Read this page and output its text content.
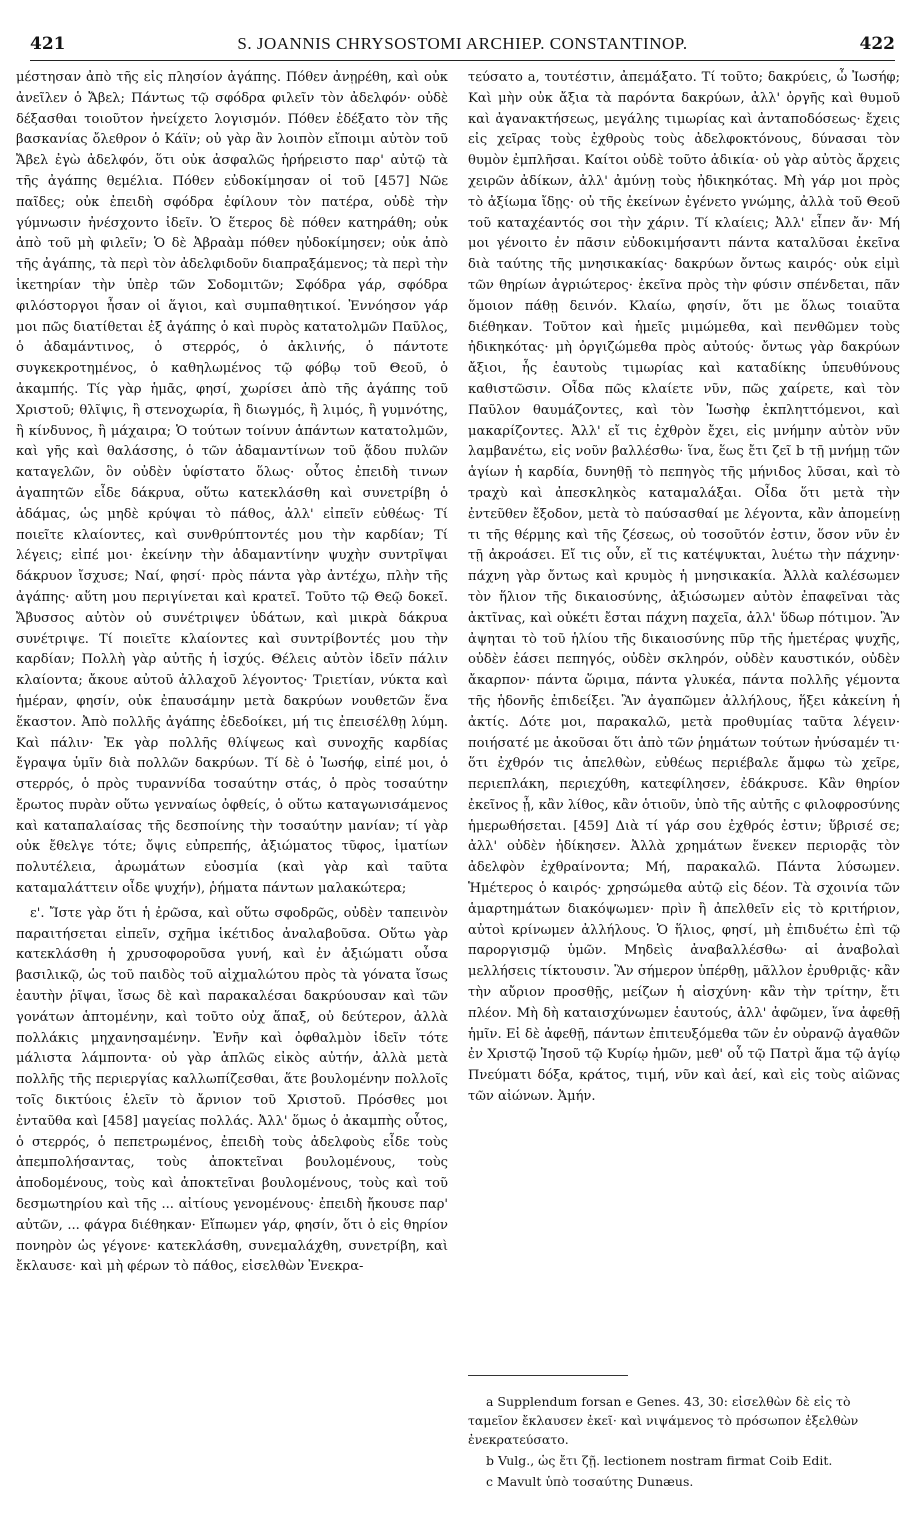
421	S. JOANNIS CHRYSOSTOMI ARCHIEP. CONSTANTINOP.	422

μέστησαν ἀπὸ τῆς εἰς πλησίον ἀγάπης. Πόθεν ἀνῃρέθη, καὶ οὐκ ἀνεῖλεν ὁ Ἄβελ; Πάντως τῷ σφόδρα φιλεῖν τὸν ἀδελφόν· οὐδὲ δέξασθαι τοιοῦτον ἠνείχετο λογισμόν. Πόθεν ἐδέξατο τὸν τῆς βασκανίας ὄλεθρον ὁ Κάϊν; οὐ γὰρ ἂν λοιπὸν εἴποιμι αὐτὸν τοῦ Ἄβελ ἐγὼ ἀδελφόν, ὅτι οὐκ ἀσφαλῶς ἡρήρειστο παρ' αὐτῷ τὰ τῆς ἀγάπης θεμέλια. Πόθεν εὐδοκίμησαν οἱ τοῦ [457] Νῶε παῖδες; οὐκ ἐπειδὴ σφόδρα ἐφίλουν τὸν πατέρα, οὐδὲ τὴν γύμνωσιν ἠνέσχοντο ἰδεῖν. Ὁ ἕτερος δὲ πόθεν κατηράθη; οὐκ ἀπὸ τοῦ μὴ φιλεῖν; Ὁ δὲ Ἀβραὰμ πόθεν ηὐδοκίμησεν; οὐκ ἀπὸ τῆς ἀγάπης, τὰ περὶ τὸν ἀδελφιδοῦν διαπραξάμενος; τὰ περὶ τὴν ἱκετηρίαν τὴν ὑπὲρ τῶν Σοδομιτῶν; Σφόδρα γάρ, σφόδρα φιλόστοργοι ἦσαν οἱ ἅγιοι, καὶ συμπαθητικοί. Ἐννόησον γάρ μοι πῶς διατίθεται ἐξ ἀγάπης ὁ καὶ πυρὸς κατατολμῶν Παῦλος, ὁ ἀδαμάντινος, ὁ στερρός, ὁ ἀκλινής, ὁ πάντοτε συγκεκροτημένος, ὁ καθηλωμένος τῷ φόβῳ τοῦ Θεοῦ, ὁ ἀκαμπής. Τίς γὰρ ἡμᾶς, φησί, χωρίσει ἀπὸ τῆς ἀγάπης τοῦ Χριστοῦ; θλῖψις, ἢ στενοχωρία, ἢ διωγμός, ἢ λιμός, ἢ γυμνότης, ἢ κίνδυνος, ἢ μάχαιρα; Ὁ τούτων τοίνυν ἁπάντων κατατολμῶν, καὶ γῆς καὶ θαλάσσης, ὁ τῶν ἀδαμαντίνων τοῦ ᾅδου πυλῶν καταγελῶν, ὃν οὐδὲν ὑφίστατο ὅλως· οὗτος ἐπειδὴ τινων ἀγαπητῶν εἶδε δάκρυα, οὕτω κατεκλάσθη καὶ συνετρίβη ὁ ἀδάμας, ὡς μηδὲ κρύψαι τὸ πάθος, ἀλλ' εἰπεῖν εὐθέως· Τί ποιεῖτε κλαίοντες, καὶ συνθρύπτοντές μου τὴν καρδίαν; Τί λέγεις; εἰπέ μοι· ἐκείνην τὴν ἀδαμαντίνην ψυχὴν συντρῖψαι δάκρυον ἴσχυσε; Ναί, φησί· πρὸς πάντα γὰρ ἀντέχω, πλὴν τῆς ἀγάπης· αὕτη μου περιγίνεται καὶ κρατεῖ. Τοῦτο τῷ Θεῷ δοκεῖ. Ἄβυσσος αὐτὸν οὐ συνέτριψεν ὑδάτων, καὶ μικρὰ δάκρυα συνέτριψε. Τί ποιεῖτε κλαίοντες καὶ συντρίβοντές μου τὴν καρδίαν; Πολλὴ γὰρ αὐτῆς ἡ ἰσχύς. Θέλεις αὐτὸν ἰδεῖν πάλιν κλαίοντα; ἄκουε αὐτοῦ ἀλλαχοῦ λέγοντος· Τριετίαν, νύκτα καὶ ἡμέραν, φησίν, οὐκ ἐπαυσάμην μετὰ δακρύων νουθετῶν ἕνα ἕκαστον. Ἀπὸ πολλῆς ἀγάπης ἐδεδοίκει, μή τις ἐπεισέλθῃ λύμη. Καὶ πάλιν· Ἐκ γὰρ πολλῆς θλίψεως καὶ συνοχῆς καρδίας ἔγραψα ὑμῖν διὰ πολλῶν δακρύων. Τί δὲ ὁ Ἰωσήφ, εἰπέ μοι, ὁ στερρός, ὁ πρὸς τυραννίδα τοσαύτην στάς, ὁ πρὸς τοσαύτην ἔρωτος πυρὰν οὕτω γενναίως ὀφθείς, ὁ οὕτω καταγωνισάμενος καὶ καταπαλαίσας τῆς δεσποίνης τὴν τοσαύτην μανίαν; τί γὰρ οὐκ ἔθελγε τότε; ὄψις εὐπρεπής, ἀξιώματος τῦφος, ἱματίων πολυτέλεια, ἀρωμάτων εὐοσμία (καὶ γὰρ καὶ ταῦτα καταμαλάττειν οἶδε ψυχήν), ῥήματα πάντων μαλακώτερα;

ε'. Ἴστε γὰρ ὅτι ἡ ἐρῶσα, καὶ οὕτω σφοδρῶς, οὐδὲν ταπεινὸν παραιτήσεται εἰπεῖν, σχῆμα ἱκέτιδος ἀναλαβοῦσα. Οὕτω γὰρ κατεκλάσθη ἡ χρυσοφοροῦσα γυνή, καὶ ἐν ἀξιώματι οὖσα βασιλικῷ, ὡς τοῦ παιδὸς τοῦ αἰχμαλώτου πρὸς τὰ γόνατα ἴσως ἑαυτὴν ῥῖψαι, ἴσως δὲ καὶ παρακαλέσαι δακρύουσαν καὶ τῶν γονάτων ἁπτομένην, καὶ τοῦτο οὐχ ἅπαξ, οὐ δεύτερον, ἀλλὰ πολλάκις μηχανησαμένην. Ἐνῆν καὶ ὀφθαλμὸν ἰδεῖν τότε μάλιστα λάμποντα· οὐ γὰρ ἁπλῶς εἰκὸς αὐτήν, ἀλλὰ μετὰ πολλῆς τῆς περιεργίας καλλωπίζεσθαι, ἅτε βουλομένην πολλοῖς τοῖς δικτύοις ἑλεῖν τὸ ἄρνιον τοῦ Χριστοῦ. Πρόσθες μοι ἐνταῦθα καὶ [458] μαγείας πολλάς. Ἀλλ' ὅμως ὁ ἀκαμπὴς οὗτος, ὁ στερρός, ὁ πεπετρωμένος, ἐπειδὴ τοὺς ἀδελφοὺς εἶδε τοὺς ἀπεμπολήσαντας, τοὺς ἀποκτεῖναι βουλομένους, τοὺς ἀποδομένους, τοὺς καὶ ἀποκτεῖναι βουλομένους, τοὺς καὶ τοῦ δεσμωτηρίου καὶ τῆς ... αἰτίους γενομένους· ἐπειδὴ ἤκουσε παρ' αὐτῶν, ... φάγρα διέθηκαν· Εἴπωμεν γάρ, φησίν, ὅτι ὁ εἰς θηρίον πονηρὸν ὡς γέγονε· κατεκλάσθη, συνεμαλάχθη, συνετρίβη, καὶ ἔκλαυσε· καὶ μὴ φέρων τὸ πάθος, εἰσελθὼν Ἐνεκρα-

τεύσατο a, τουτέστιν, ἀπεμάξατο. Τί τοῦτο; δακρύεις, ὦ Ἰωσήφ; Καὶ μὴν οὐκ ἄξια τὰ παρόντα δακρύων, ἀλλ' ὀργῆς καὶ θυμοῦ καὶ ἀγανακτήσεως, μεγάλης τιμωρίας καὶ ἀνταποδόσεως· ἔχεις εἰς χεῖρας τοὺς ἐχθροὺς τοὺς ἀδελφοκτόνους, δύνασαι τὸν θυμὸν ἐμπλῆσαι. Καίτοι οὐδὲ τοῦτο ἀδικία· οὐ γὰρ αὐτὸς ἄρχεις χειρῶν ἀδίκων, ἀλλ' ἀμύνῃ τοὺς ἠδικηκότας. Μὴ γάρ μοι πρὸς τὸ ἀξίωμα ἴδῃς· οὐ τῆς ἐκείνων ἐγένετο γνώμης, ἀλλὰ τοῦ Θεοῦ τοῦ καταχέαντός σοι τὴν χάριν. Τί κλαίεις; Ἀλλ' εἶπεν ἄν· Μή μοι γένοιτο ἐν πᾶσιν εὐδοκιμήσαντι πάντα καταλῦσαι ἐκεῖνα διὰ ταύτης τῆς μνησικακίας· δακρύων ὄντως καιρός· οὐκ εἰμὶ τῶν θηρίων ἀγριώτερος· ἐκεῖνα πρὸς τὴν φύσιν σπένδεται, πᾶν ὅμοιον πάθῃ δεινόν. Κλαίω, φησίν, ὅτι με ὅλως τοιαῦτα διέθηκαν. Τοῦτον καὶ ἡμεῖς μιμώμεθα, καὶ πενθῶμεν τοὺς ἠδικηκότας· μὴ ὀργιζώμεθα πρὸς αὐτούς· ὄντως γὰρ δακρύων ἄξιοι, ἧς ἑαυτοὺς τιμωρίας καὶ καταδίκης ὑπευθύνους καθιστῶσιν. Οἶδα πῶς κλαίετε νῦν, πῶς χαίρετε, καὶ τὸν Παῦλον θαυμάζοντες, καὶ τὸν Ἰωσὴφ ἐκπληττόμενοι, καὶ μακαρίζοντες. Ἀλλ' εἴ τις ἐχθρὸν ἔχει, εἰς μνήμην αὐτὸν νῦν λαμβανέτω, εἰς νοῦν βαλλέσθω· ἵνα, ἕως ἔτι ζεῖ b τῇ μνήμῃ τῶν ἁγίων ἡ καρδία, δυνηθῇ τὸ πεπηγὸς τῆς μήνιδος λῦσαι, καὶ τὸ τραχὺ καὶ ἀπεσκληκὸς καταμαλάξαι. Οἶδα ὅτι μετὰ τὴν ἐντεῦθεν ἔξοδον, μετὰ τὸ παύσασθαί με λέγοντα, κἂν ἀπομείνῃ τι τῆς θέρμης καὶ τῆς ζέσεως, οὐ τοσοῦτόν ἐστιν, ὅσον νῦν ἐν τῇ ἀκροάσει. Εἴ τις οὖν, εἴ τις κατέψυκται, λυέτω τὴν πάχνην· πάχνη γὰρ ὄντως καὶ κρυμὸς ἡ μνησικακία. Ἀλλὰ καλέσωμεν τὸν ἥλιον τῆς δικαιοσύνης, ἀξιώσωμεν αὐτὸν ἐπαφεῖναι τὰς ἀκτῖνας, καὶ οὐκέτι ἔσται πάχνη παχεῖα, ἀλλ' ὕδωρ πότιμον. Ἂν ἀψηται τὸ τοῦ ἡλίου τῆς δικαιοσύνης πῦρ τῆς ἡμετέρας ψυχῆς, οὐδὲν ἐάσει πεπηγός, οὐδὲν σκληρόν, οὐδὲν καυστικόν, οὐδὲν ἄκαρπον· πάντα ὥριμα, πάντα γλυκέα, πάντα πολλῆς γέμοντα τῆς ἡδονῆς ἐπιδείξει. Ἂν ἀγαπῶμεν ἀλλήλους, ἥξει κἀκείνη ἡ ἀκτίς. Δότε μοι, παρακαλῶ, μετὰ προθυμίας ταῦτα λέγειν· ποιήσατέ με ἀκοῦσαι ὅτι ἀπὸ τῶν ῥημάτων τούτων ἠνύσαμέν τι· ὅτι ἐχθρόν τις ἀπελθὼν, εὐθέως περιέβαλε ἄμφω τὼ χεῖρε, περιεπλάκη, περιεχύθη, κατεφίλησεν, ἐδάκρυσε. Κἂν θηρίον ἐκεῖνος ᾖ, κἂν λίθος, κἂν ὁτιοῦν, ὑπὸ τῆς αὐτῆς c φιλοφροσύνης ἡμερωθήσεται. [459] Διὰ τί γάρ σου ἐχθρός ἐστιν; ὕβρισέ σε; ἀλλ' οὐδὲν ἠδίκησεν. Ἀλλὰ χρημάτων ἕνεκεν περιορᾷς τὸν ἀδελφὸν ἐχθραίνοντα; Μή, παρακαλῶ. Πάντα λύσωμεν. Ἡμέτερος ὁ καιρός· χρησώμεθα αὐτῷ εἰς δέον. Τὰ σχοινία τῶν ἁμαρτημάτων διακόψωμεν· πρὶν ἢ ἀπελθεῖν εἰς τὸ κριτήριον, αὐτοὶ κρίνωμεν ἀλλήλους. Ὁ ἥλιος, φησί, μὴ ἐπιδυέτω ἐπὶ τῷ παροργισμῷ ὑμῶν. Μηδεὶς ἀναβαλλέσθω· αἱ ἀναβολαὶ μελλήσεις τίκτουσιν. Ἂν σήμερον ὑπέρθῃ, μᾶλλον ἐρυθριᾷς· κἂν τὴν αὔριον προσθῇς, μείζων ἡ αἰσχύνη· κἂν τὴν τρίτην, ἔτι πλέον. Μὴ δὴ καταισχύνωμεν ἑαυτούς, ἀλλ' ἀφῶμεν, ἵνα ἀφεθῇ ἡμῖν. Εἰ δὲ ἀφεθῇ, πάντων ἐπιτευξόμεθα τῶν ἐν οὐρανῷ ἀγαθῶν ἐν Χριστῷ Ἰησοῦ τῷ Κυρίῳ ἡμῶν, μεθ' οὗ τῷ Πατρὶ ἅμα τῷ ἁγίῳ Πνεύματι δόξα, κράτος, τιμή, νῦν καὶ ἀεί, καὶ εἰς τοὺς αἰῶνας τῶν αἰώνων. Ἀμήν.

a Supplendum forsan e Genes. 43, 30: εἰσελθὼν δὲ εἰς τὸ ταμεῖον ἔκλαυσεν ἐκεῖ· καὶ νιψάμενος τὸ πρόσωπον ἐξελθὼν ἐνεκρατεύσατο.

b Vulg., ὡς ἔτι ζῇ. lectionem nostram firmat Coib Edit.

c Mavult ὑπὸ τοσαύτης Dunæus.
